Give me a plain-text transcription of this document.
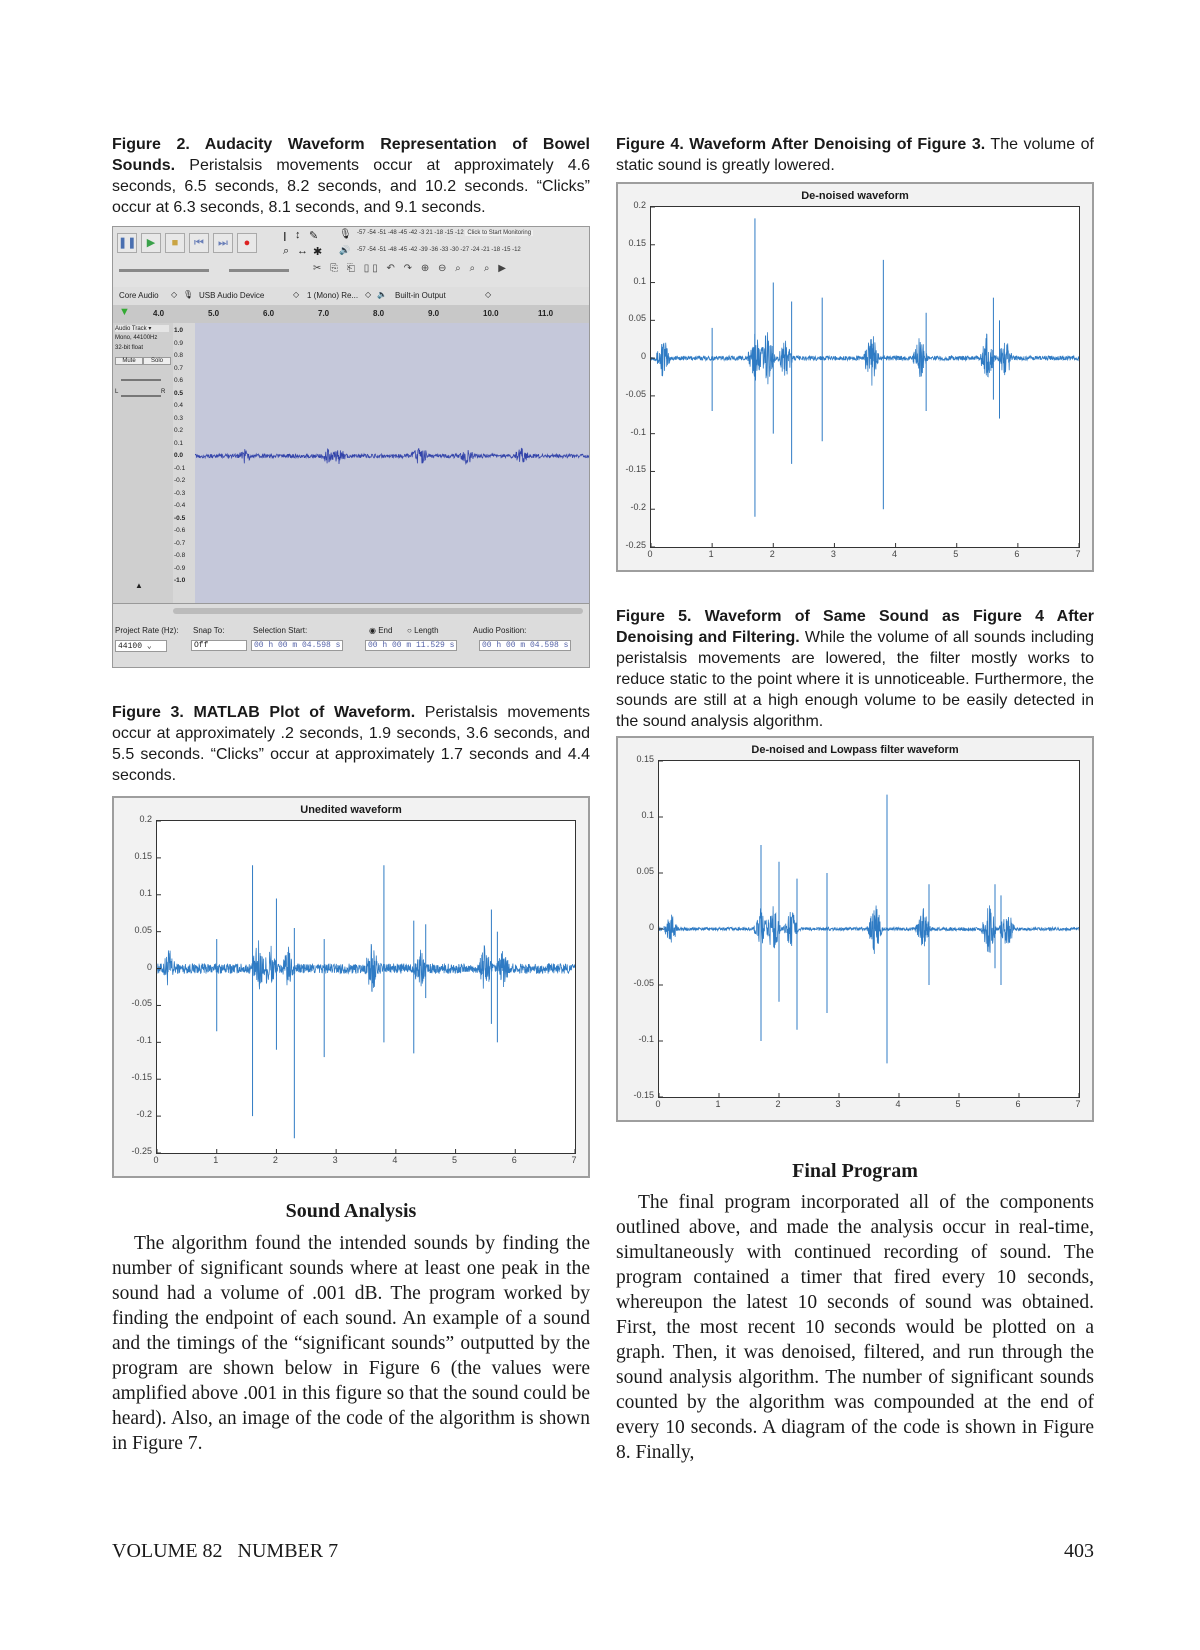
Figure 2. Audacity Waveform Representation of Bowel Sounds. Peristalsis movements occur at approximately 4.6 seconds, 6.5 seconds, 8.2 seconds, and 10.2 seconds. “Clicks” occur at 6.3 seconds, 8.1 seconds, and 9.1 seconds.
❚❚ ▶	■	⏮	⏭	●	I ↕ ✎
⌕ ↔ ✱
🎙
🔊
-57 -54 -51 -48 -45 -42 -3 21 -18 -15 -12 Click to Start Monitoring
-57 -54 -51 -48 -45 -42 -39 -36 -33 -30 -27 -24 -21 -18 -15 -12
✂ ⎘ ⎗ ▯▯ ↶ ↷ ⊕ ⊖ ⌕ ⌕ ⌕ ▶
Core Audio ◇ 🎙 USB Audio Device	◇ 1 (Mono) Re... ◇ 🔈 Built-in Output	◇
▼	4.0	5.0	6.0	7.0	8.0	9.0	10.0	11.0
Audio Track ▾
Mono, 44100Hz
32-bit float
Mute	Solo
L	R
▲
1.0
0.9
0.8
0.7
0.6
0.5
0.4
0.3
0.2
0.1
0.0
-0.1
-0.2
-0.3
-0.4
-0.5
-0.6
-0.7
-0.8
-0.9
-1.0
Project Rate (Hz): Snap To:	Selection Start:	◉ End ○ Length	Audio Position:
44100 ⌄	Off	00 h 00 m 04.598 s	00 h 00 m 11.529 s	00 h 00 m 04.598 s
Figure 3. MATLAB Plot of Waveform. Peristalsis movements occur at approximately .2 seconds, 1.9 seconds, 3.6 seconds, and 5.5 seconds. “Clicks” occur at approximately 1.7 seconds and 4.4 seconds.
Unedited waveform
0.2
0.15
0.1
0.05
0
-0.05
-0.1
-0.15
-0.2
-0.25
0	1	2	3	4	5	6	7
Figure 4. Waveform After Denoising of Figure 3. The volume of static sound is greatly lowered.
De-noised waveform
0.2
0.15
0.1
0.05
0
-0.05
-0.1
-0.15
-0.2
-0.25
0	1	2	3	4	5	6	7
Figure 5. Waveform of Same Sound as Figure 4 After Denoising and Filtering. While the volume of all sounds including peristalsis movements are lowered, the filter mostly works to reduce static to the point where it is unnoticeable. Furthermore, the sounds are still at a high enough volume to be easily detected in the sound analysis algorithm.
De-noised and Lowpass filter waveform
0.15
0.1
0.05
0
-0.05
-0.1
-0.15
0	1	2	3	4	5	6	7
Sound Analysis

The algorithm found the intended sounds by finding the number of significant sounds where at least one peak in the sound had a volume of .001 dB. The program worked by finding the endpoint of each sound. An example of a sound and the timings of the “significant sounds” outputted by the program are shown below in Figure 6 (the values were amplified above .001 in this figure so that the sound could be heard). Also, an image of the code of the algorithm is shown in Figure 7.

Final Program

The final program incorporated all of the components outlined above, and made the analysis occur in real-time, simultaneously with continued recording of sound. The program contained a timer that fired every 10 seconds, whereupon the latest 10 seconds of sound was obtained. First, the most recent 10 seconds would be plotted on a graph. Then, it was denoised, filtered, and run through the sound analysis algorithm. The number of significant sounds counted by the algorithm was compounded at the end of every 10 seconds. A diagram of the code is shown in Figure 8. Finally,

VOLUME 82   NUMBER 7	403
